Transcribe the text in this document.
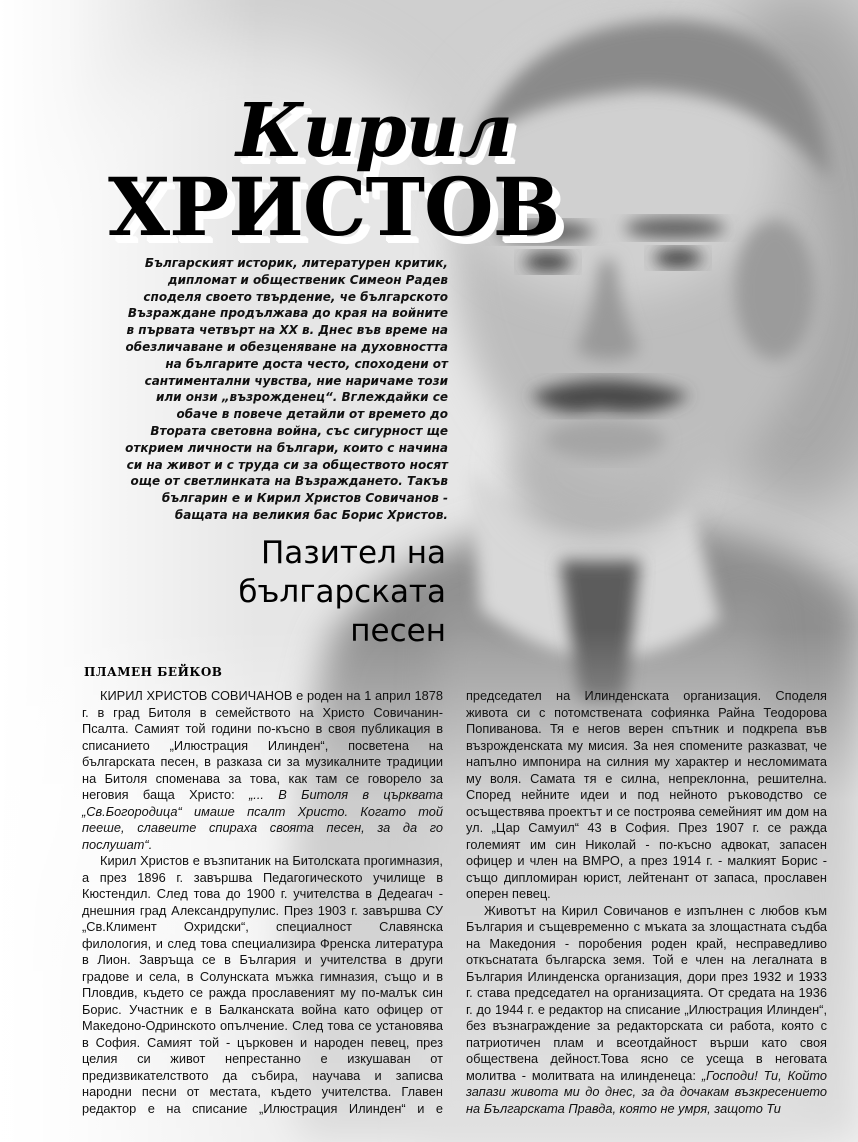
Кирил
ХРИСТОВ
Българският историк, литературен критик, дипломат и общественик Симеон Радев споделя своето твърдение, че българското Възраждане продължава до края на войните в първата четвърт на XX в. Днес във време на обезличаване и обезценяване на духовността на българите доста често, споходени от сантиментални чувства, ние наричаме този или онзи „възрожденец“. Вглеждайки се обаче в повече детайли от времето до Втората световна война, със сигурност ще открием личности на българи, които с начина си на живот и с труда си за обществото носят още от светлинката на Възраждането. Такъв българин е и Кирил Христов Совичанов - бащата на великия бас Борис Христов.
Пазител на българската песен
ПЛАМЕН БЕЙКОВ

КИРИЛ ХРИСТОВ СОВИЧАНОВ е роден на 1 април 1878 г. в град Битоля в семейството на Христо Совичанин-Псалта. Самият той години по-късно в своя публикация в списанието „Илюстрация Илинден“, посветена на българската песен, в разказа си за музикалните традиции на Битоля споменава за това, как там се говорело за неговия баща Христо: „... В Битоля в църквата „Св.Богородица“ имаше псалт Христо. Когато той пееше, славеите спираха своята песен, за да го послушат“.

Кирил Христов е възпитаник на Битолската прогимназия, а през 1896 г. завършва Педагогическото училище в Кюстендил. След това до 1900 г. учителства в Дедеагач - днешния град Александрупулис. През 1903 г. завършва СУ „Св.Климент Охридски“, специалност Славянска филология, и след това специализира Френска литература в Лион. Завръща се в България и учителства в други градове и села, в Солунската мъжка гимназия, също и в Пловдив, където се ражда прославеният му по-малък син Борис. Участник е в Балканската война като офицер от Македоно-Одринското опълчение. След това се установява в София. Самият той - църковен и народен певец, през целия си живот непрестанно е изкушаван от предизвикателството да събира, научава и записва народни песни от местата, където учителства. Главен редактор е на списание „Илюстрация Илинден“ и е председател на Илинденската организация. Споделя живота си с потомствената софиянка Райна Теодорова Попиванова. Тя е негов верен спътник и подкрепа във възрожденската му мисия. За нея спомените разказват, че напълно импонира на силния му характер и несломимата му воля. Самата тя е силна, непреклонна, решителна. Според нейните идеи и под нейното ръководство се осъществява проектът и се построява семейният им дом на ул. „Цар Самуил“ 43 в София. През 1907 г. се ражда големият им син Николай - по-късно адвокат, запасен офицер и член на ВМРО, а през 1914 г. - малкият Борис - също дипломиран юрист, лейтенант от запаса, прославен оперен певец.

Животът на Кирил Совичанов е изпълнен с любов към България и същевременно с мъката за злощастната съдба на Македония - поробения роден край, несправедливо откъснатата българска земя. Той е член на легалната в България Илинденска организация, дори през 1932 и 1933 г. става председател на организацията. От средата на 1936 г. до 1944 г. е редактор на списание „Илюстрация Илинден“, без възнаграждение за редакторската си работа, която с патриотичен плам и всеотдайност върши като своя обществена дейност.Това ясно се усеща в неговата молитва - молитвата на илинденеца: „Господи! Ти, Който запази живота ми до днес, за да дочакам възкресението на Българската Правда, която не умря, защото Ти
